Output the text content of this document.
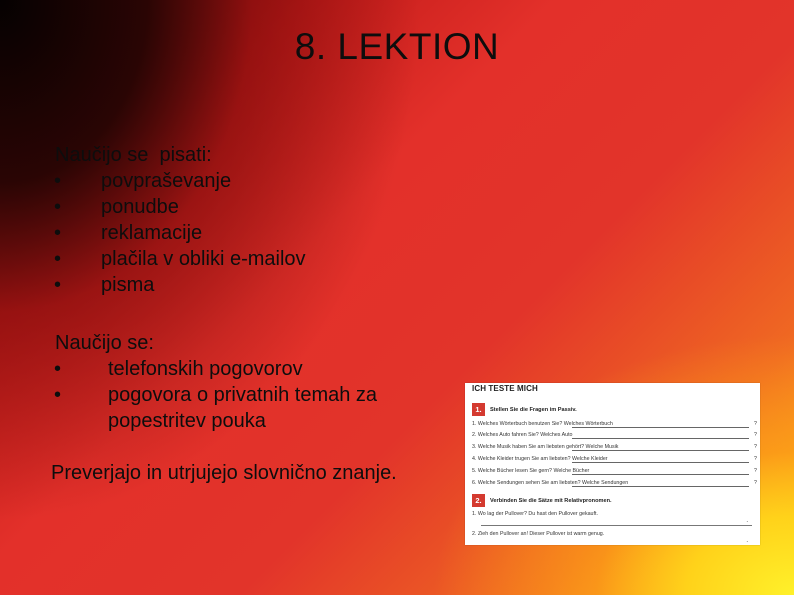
8. LEKTION
Naučijo se  pisati:
• povpraševanje
• ponudbe
• reklamacije
• plačila v obliki e-mailov
• pisma
Naučijo se:
• telefonskih pogovorov
• pogovora o privatnih temah za
popestritev pouka
Preverjajo in utrjujejo slovnično znanje.
ICH TESTE MICH
1.	Stellen Sie die Fragen im Passiv.
1. Welches Wörterbuch benutzen Sie? Welches Wörterbuch	?
2. Welches Auto fahren Sie? Welches Auto	?
3. Welche Musik haben Sie am liebsten gehört? Welche Musik	?
4. Welche Kleider trugen Sie am liebsten? Welche Kleider	?
5. Welche Bücher lesen Sie gern? Welche Bücher	?
6. Welche Sendungen sehen Sie am liebsten? Welche Sendungen	?
2.	Verbinden Sie die Sätze mit Relativpronomen.
1. Wo lag der Pullover? Du hast den Pullover gekauft.
.
2. Zieh den Pullover an! Dieser Pullover ist warm genug.
.
